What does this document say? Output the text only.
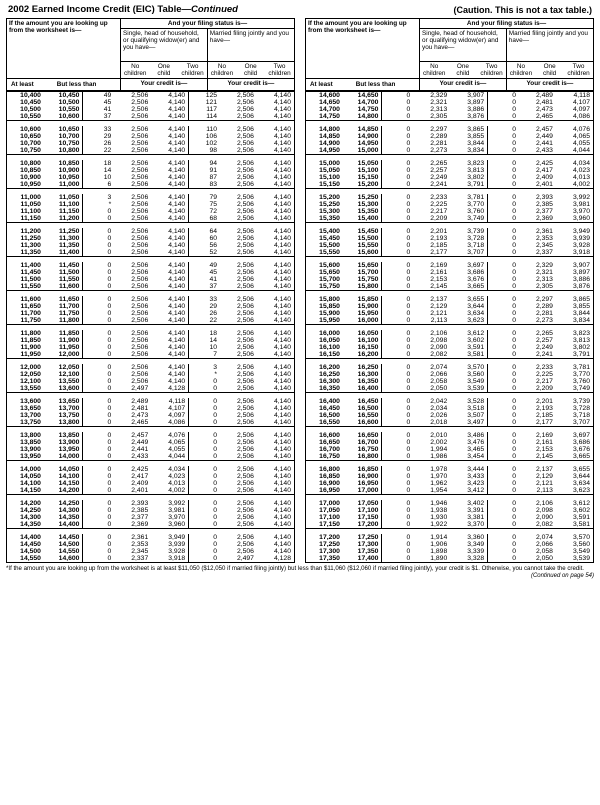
2002 Earned Income Credit (EIC) Table—Continued	(Caution. This is not a tax table.)
If the amount you are looking up from the worksheet is—	And your filing status is—
Single, head of household, or qualifying widow(er) and you have—	Married filing jointly and you have—
No children	One child	Two children	No children	One child	Two children

At least	But less than
		Your credit is—	Your credit is—
10,400	10,450	49	2,506	4,140	125	2,506	4,140
10,450	10,500	45	2,506	4,140	121	2,506	4,140
10,500	10,550	41	2,506	4,140	117	2,506	4,140
10,550	10,600	37	2,506	4,140	114	2,506	4,140

10,600	10,650	33	2,506	4,140	110	2,506	4,140
10,650	10,700	29	2,506	4,140	106	2,506	4,140
10,700	10,750	26	2,506	4,140	102	2,506	4,140
10,750	10,800	22	2,506	4,140	98	2,506	4,140

10,800	10,850	18	2,506	4,140	94	2,506	4,140
10,850	10,900	14	2,506	4,140	91	2,506	4,140
10,900	10,950	10	2,506	4,140	87	2,506	4,140
10,950	11,000	6	2,506	4,140	83	2,506	4,140

11,000	11,050	3	2,506	4,140	79	2,506	4,140
11,050	11,100	*	2,506	4,140	75	2,506	4,140
11,100	11,150	0	2,506	4,140	72	2,506	4,140
11,150	11,200	0	2,506	4,140	68	2,506	4,140

11,200	11,250	0	2,506	4,140	64	2,506	4,140
11,250	11,300	0	2,506	4,140	60	2,506	4,140
11,300	11,350	0	2,506	4,140	56	2,506	4,140
11,350	11,400	0	2,506	4,140	52	2,506	4,140

11,400	11,450	0	2,506	4,140	49	2,506	4,140
11,450	11,500	0	2,506	4,140	45	2,506	4,140
11,500	11,550	0	2,506	4,140	41	2,506	4,140
11,550	11,600	0	2,506	4,140	37	2,506	4,140

11,600	11,650	0	2,506	4,140	33	2,506	4,140
11,650	11,700	0	2,506	4,140	29	2,506	4,140
11,700	11,750	0	2,506	4,140	26	2,506	4,140
11,750	11,800	0	2,506	4,140	22	2,506	4,140

11,800	11,850	0	2,506	4,140	18	2,506	4,140
11,850	11,900	0	2,506	4,140	14	2,506	4,140
11,900	11,950	0	2,506	4,140	10	2,506	4,140
11,950	12,000	0	2,506	4,140	7	2,506	4,140

12,000	12,050	0	2,506	4,140	3	2,506	4,140
12,050	12,100	0	2,506	4,140	*	2,506	4,140
12,100	13,550	0	2,506	4,140	0	2,506	4,140
13,550	13,600	0	2,497	4,128	0	2,506	4,140

13,600	13,650	0	2,489	4,118	0	2,506	4,140
13,650	13,700	0	2,481	4,107	0	2,506	4,140
13,700	13,750	0	2,473	4,097	0	2,506	4,140
13,750	13,800	0	2,465	4,086	0	2,506	4,140

13,800	13,850	0	2,457	4,076	0	2,506	4,140
13,850	13,900	0	2,449	4,065	0	2,506	4,140
13,900	13,950	0	2,441	4,055	0	2,506	4,140
13,950	14,000	0	2,433	4,044	0	2,506	4,140

14,000	14,050	0	2,425	4,034	0	2,506	4,140
14,050	14,100	0	2,417	4,023	0	2,506	4,140
14,100	14,150	0	2,409	4,013	0	2,506	4,140
14,150	14,200	0	2,401	4,002	0	2,506	4,140

14,200	14,250	0	2,393	3,992	0	2,506	4,140
14,250	14,300	0	2,385	3,981	0	2,506	4,140
14,300	14,350	0	2,377	3,970	0	2,506	4,140
14,350	14,400	0	2,369	3,960	0	2,506	4,140

14,400	14,450	0	2,361	3,949	0	2,506	4,140
14,450	14,500	0	2,353	3,939	0	2,506	4,140
14,500	14,550	0	2,345	3,928	0	2,506	4,140
14,550	14,600	0	2,337	3,918	0	2,497	4,128
If the amount you are looking up from the worksheet is—	And your filing status is—
Single, head of household, or qualifying widow(er) and you have—	Married filing jointly and you have—
No children	One child	Two children	No children	One child	Two children

At least	But less than
		Your credit is—	Your credit is—
14,600	14,650	0	2,329	3,907	0	2,489	4,118
14,650	14,700	0	2,321	3,897	0	2,481	4,107
14,700	14,750	0	2,313	3,886	0	2,473	4,097
14,750	14,800	0	2,305	3,876	0	2,465	4,086

14,800	14,850	0	2,297	3,865	0	2,457	4,076
14,850	14,900	0	2,289	3,855	0	2,449	4,065
14,900	14,950	0	2,281	3,844	0	2,441	4,055
14,950	15,000	0	2,273	3,834	0	2,433	4,044

15,000	15,050	0	2,265	3,823	0	2,425	4,034
15,050	15,100	0	2,257	3,813	0	2,417	4,023
15,100	15,150	0	2,249	3,802	0	2,409	4,013
15,150	15,200	0	2,241	3,791	0	2,401	4,002

15,200	15,250	0	2,233	3,781	0	2,393	3,992
15,250	15,300	0	2,225	3,770	0	2,385	3,981
15,300	15,350	0	2,217	3,760	0	2,377	3,970
15,350	15,400	0	2,209	3,749	0	2,369	3,960

15,400	15,450	0	2,201	3,739	0	2,361	3,949
15,450	15,500	0	2,193	3,728	0	2,353	3,939
15,500	15,550	0	2,185	3,718	0	2,345	3,928
15,550	15,600	0	2,177	3,707	0	2,337	3,918

15,600	15,650	0	2,169	3,697	0	2,329	3,907
15,650	15,700	0	2,161	3,686	0	2,321	3,897
15,700	15,750	0	2,153	3,676	0	2,313	3,886
15,750	15,800	0	2,145	3,665	0	2,305	3,876

15,800	15,850	0	2,137	3,655	0	2,297	3,865
15,850	15,900	0	2,129	3,644	0	2,289	3,855
15,900	15,950	0	2,121	3,634	0	2,281	3,844
15,950	16,000	0	2,113	3,623	0	2,273	3,834

16,000	16,050	0	2,106	3,612	0	2,265	3,823
16,050	16,100	0	2,098	3,602	0	2,257	3,813
16,100	16,150	0	2,090	3,591	0	2,249	3,802
16,150	16,200	0	2,082	3,581	0	2,241	3,791

16,200	16,250	0	2,074	3,570	0	2,233	3,781
16,250	16,300	0	2,066	3,560	0	2,225	3,770
16,300	16,350	0	2,058	3,549	0	2,217	3,760
16,350	16,400	0	2,050	3,539	0	2,209	3,749

16,400	16,450	0	2,042	3,528	0	2,201	3,739
16,450	16,500	0	2,034	3,518	0	2,193	3,728
16,500	16,550	0	2,026	3,507	0	2,185	3,718
16,550	16,600	0	2,018	3,497	0	2,177	3,707

16,600	16,650	0	2,010	3,486	0	2,169	3,697
16,650	16,700	0	2,002	3,476	0	2,161	3,686
16,700	16,750	0	1,994	3,465	0	2,153	3,676
16,750	16,800	0	1,986	3,454	0	2,145	3,665

16,800	16,850	0	1,978	3,444	0	2,137	3,655
16,850	16,900	0	1,970	3,433	0	2,129	3,644
16,900	16,950	0	1,962	3,423	0	2,121	3,634
16,950	17,000	0	1,954	3,412	0	2,113	3,623

17,000	17,050	0	1,946	3,402	0	2,106	3,612
17,050	17,100	0	1,938	3,391	0	2,098	3,602
17,100	17,150	0	1,930	3,381	0	2,090	3,591
17,150	17,200	0	1,922	3,370	0	2,082	3,581

17,200	17,250	0	1,914	3,360	0	2,074	3,570
17,250	17,300	0	1,906	3,349	0	2,066	3,560
17,300	17,350	0	1,898	3,339	0	2,058	3,549
17,350	17,400	0	1,890	3,328	0	2,050	3,539
*If the amount you are looking up from the worksheet is at least $11,050 ($12,050 if married filing jointly) but less than $11,060 ($12,060 if married filing jointly), your credit is $1. Otherwise, you cannot take the credit.
(Continued on page 54)
